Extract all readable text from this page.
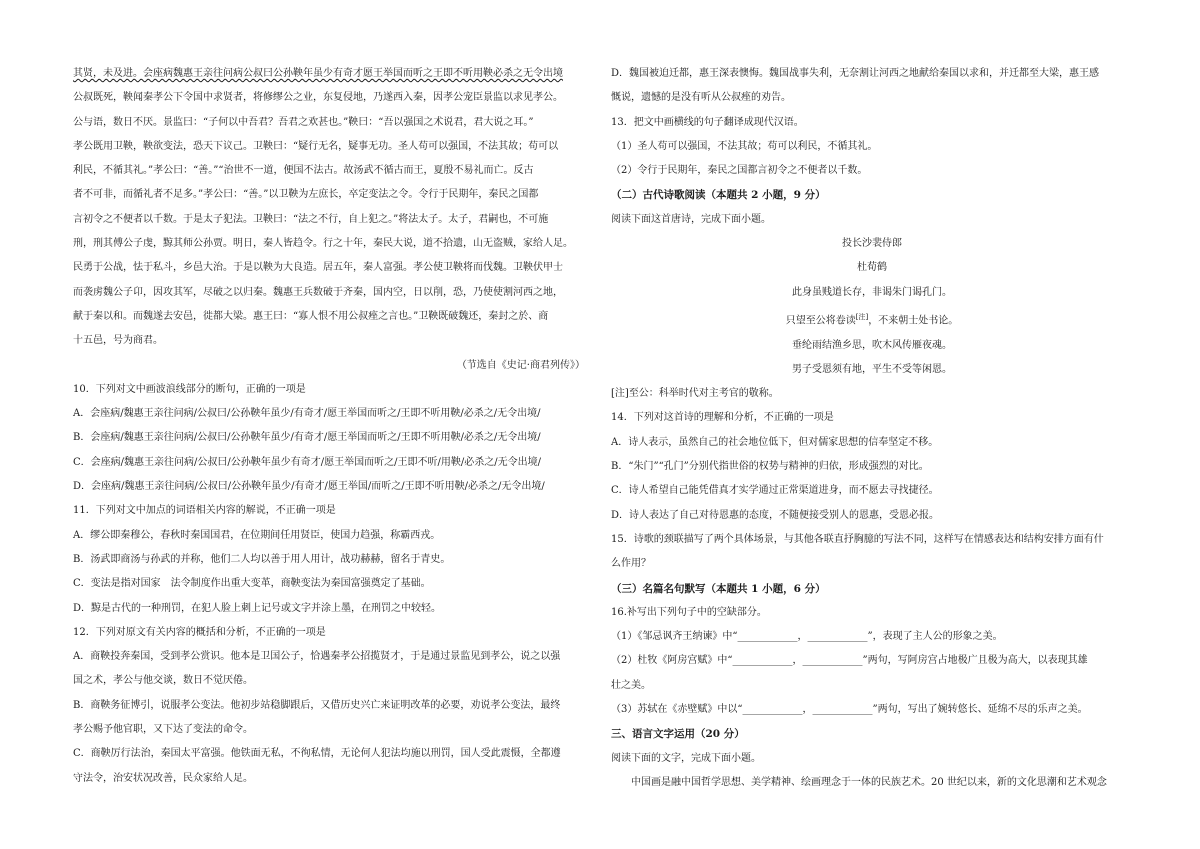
其贤，未及进。会座病魏惠王亲往问病公叔曰公孙鞅年虽少有奇才愿王举国而听之王即不听用鞅必杀之无令出境
公叔既死，鞅闻秦孝公下令国中求贤者，将修缪公之业，东复侵地，乃遂西入秦，因孝公宠臣景监以求见孝公。
公与语，数日不厌。景监曰：“子何以中吾君？吾君之欢甚也。”鞅曰：“吾以强国之术说君，君大说之耳。”
孝公既用卫鞅，鞅欲变法，恐天下议己。卫鞅曰：“疑行无名，疑事无功。圣人苟可以强国，不法其故；苟可以
利民，不循其礼。”孝公曰：“善。”“治世不一道，便国不法古。故汤武不循古而王，夏殷不易礼而亡。反古
者不可非，而循礼者不足多。”孝公曰：“善。”以卫鞅为左庶长，卒定变法之令。令行于民期年，秦民之国都
言初令之不便者以千数。于是太子犯法。卫鞅曰：“法之不行，自上犯之。”将法太子。太子，君嗣也，不可施
刑，刑其傅公子虔，黥其师公孙贾。明日，秦人皆趋令。行之十年，秦民大说，道不拾遗，山无盗贼，家给人足。
民勇于公战，怯于私斗，乡邑大治。于是以鞅为大良造。居五年，秦人富强。孝公使卫鞅将而伐魏。卫鞅伏甲士
而袭虏魏公子卬，因攻其军，尽破之以归秦。魏惠王兵数破于齐秦，国内空，日以削，恐，乃使使割河西之地，
献于秦以和。而魏遂去安邑，徙都大梁。惠王曰：“寡人恨不用公叔痤之言也。”卫鞅既破魏还，秦封之於、商
十五邑，号为商君。
（节选自《史记·商君列传》）
10．下列对文中画波浪线部分的断句，正确的一项是
A．会座病/魏惠王亲往问病/公叔曰/公孙鞅年虽少/有奇才/愿王举国而听之/王即不听用鞅/必杀之/无令出境/
B．会座病/魏惠王亲往问病/公叔曰/公孙鞅年虽少/有奇才/愿王举国而听之/王即不听用鞅/必杀之/无令出境/
C．会座病/魏惠王亲往问病/公叔曰/公孙鞅年虽少有奇才/愿王举国而听之/王即不听/用鞅/必杀之/无令出境/
D．会座病/魏惠王亲往问病/公叔曰/公孙鞅年虽少/有奇才/愿王举国/而听之/王即不听用鞅/必杀之/无令出境/
11．下列对文中加点的词语相关内容的解说，不正确一项是
A．缪公即秦穆公，春秋时秦国国君，在位期间任用贤臣，使国力趋强，称霸西戎。
B．汤武即商汤与孙武的并称，他们二人均以善于用人用计，战功赫赫，留名于青史。
C．变法是指对国家　法令制度作出重大变革，商鞅变法为秦国富强奠定了基础。
D．黥是古代的一种刑罚，在犯人脸上刺上记号或文字并涂上墨，在刑罚之中较轻。
12．下列对原文有关内容的概括和分析，不正确的一项是
A．商鞅投奔秦国，受到孝公赏识。他本是卫国公子，恰遇秦孝公招揽贤才，于是通过景监见到孝公，说之以强
国之术，孝公与他交谈，数日不觉厌倦。
B．商鞅务征博引，说服孝公变法。他初步站稳脚跟后，又借历史兴亡来证明改革的必要，劝说孝公变法，最终
孝公赐予他官职，又下达了变法的命令。
C．商鞅厉行法治，秦国太平富强。他铁面无私，不徇私情，无论何人犯法均施以刑罚，国人受此震慑，全都遵
守法令，治安状况改善，民众家给人足。
D．魏国被迫迁都，惠王深表懊悔。魏国战事失利，无奈割让河西之地献给秦国以求和，并迁都至大梁，惠王感
慨说，遗憾的是没有听从公叔痤的劝告。
13．把文中画横线的句子翻译成现代汉语。
（1）圣人苟可以强国，不法其故；苟可以利民，不循其礼。
（2）令行于民期年，秦民之国都言初令之不便者以千数。
（二）古代诗歌阅读（本题共 2 小题，9 分）
阅读下面这首唐诗，完成下面小题。
投长沙裴侍郎
杜荀鹤
此身虽贱道长存，非谒朱门谒孔门。
只望至公将卷读[注]，不来朝士处书论。
垂纶雨结渔乡思，吹木风传雁夜魂。
男子受恩须有地，平生不受等闲恩。
[注]至公：科举时代对主考官的敬称。
14．下列对这首诗的理解和分析，不正确的一项是
A．诗人表示，虽然自己的社会地位低下，但对儒家思想的信奉坚定不移。
B．“朱门”“孔门”分别代指世俗的权势与精神的归依，形成强烈的对比。
C．诗人希望自己能凭借真才实学通过正常渠道进身，而不愿去寻找捷径。
D．诗人表达了自己对待恩惠的态度，不随便接受别人的恩惠，受恩必报。
15．诗歌的颈联描写了两个具体场景，与其他各联直抒胸臆的写法不同，这样写在情感表达和结构安排方面有什
么作用？
（三）名篇名句默写（本题共 1 小题，6 分）
16.补写出下列句子中的空缺部分。
（1）《邹忌讽齐王纳谏》中“____________，____________”，表现了主人公的形象之美。
（2）杜牧《阿房宫赋》中“____________，____________”两句，写阿房宫占地极广且极为高大，以表现其雄
壮之美。
（3）苏轼在《赤壁赋》中以“____________，____________”两句，写出了婉转悠长、延绵不尽的乐声之美。
三、语言文字运用（20 分）
阅读下面的文字，完成下面小题。
中国画是融中国哲学思想、美学精神、绘画理念于一体的民族艺术。20 世纪以来，新的文化思潮和艺术观念
